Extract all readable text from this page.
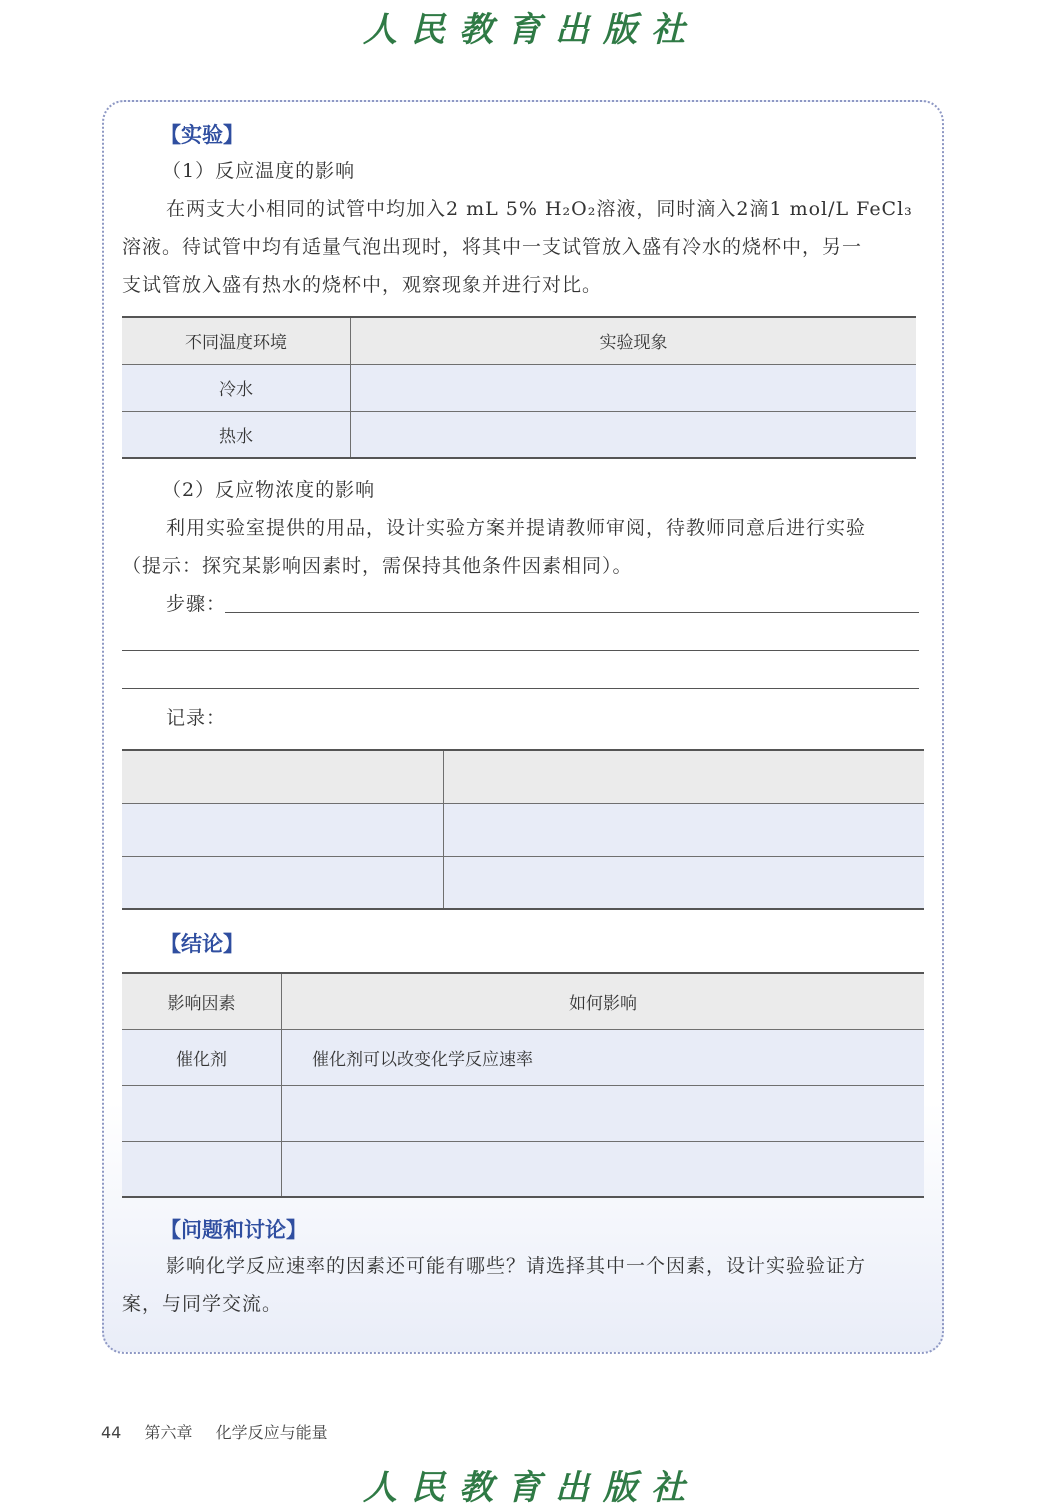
人民教育出版社
【实验】
（1）反应温度的影响
在两支大小相同的试管中均加入2 mL 5% H₂O₂溶液，同时滴入2滴1 mol/L FeCl₃
溶液。待试管中均有适量气泡出现时，将其中一支试管放入盛有冷水的烧杯中，另一
支试管放入盛有热水的烧杯中，观察现象并进行对比。
不同温度环境	实验现象
冷水	
热水	
（2）反应物浓度的影响
利用实验室提供的用品，设计实验方案并提请教师审阅，待教师同意后进行实验
（提示：探究某影响因素时，需保持其他条件因素相同）。
步骤：
记录：

【结论】
影响因素	如何影响
催化剂	催化剂可以改变化学反应速率

【问题和讨论】
影响化学反应速率的因素还可能有哪些？请选择其中一个因素，设计实验验证方
案，与同学交流。
44 第六章 化学反应与能量
人民教育出版社
